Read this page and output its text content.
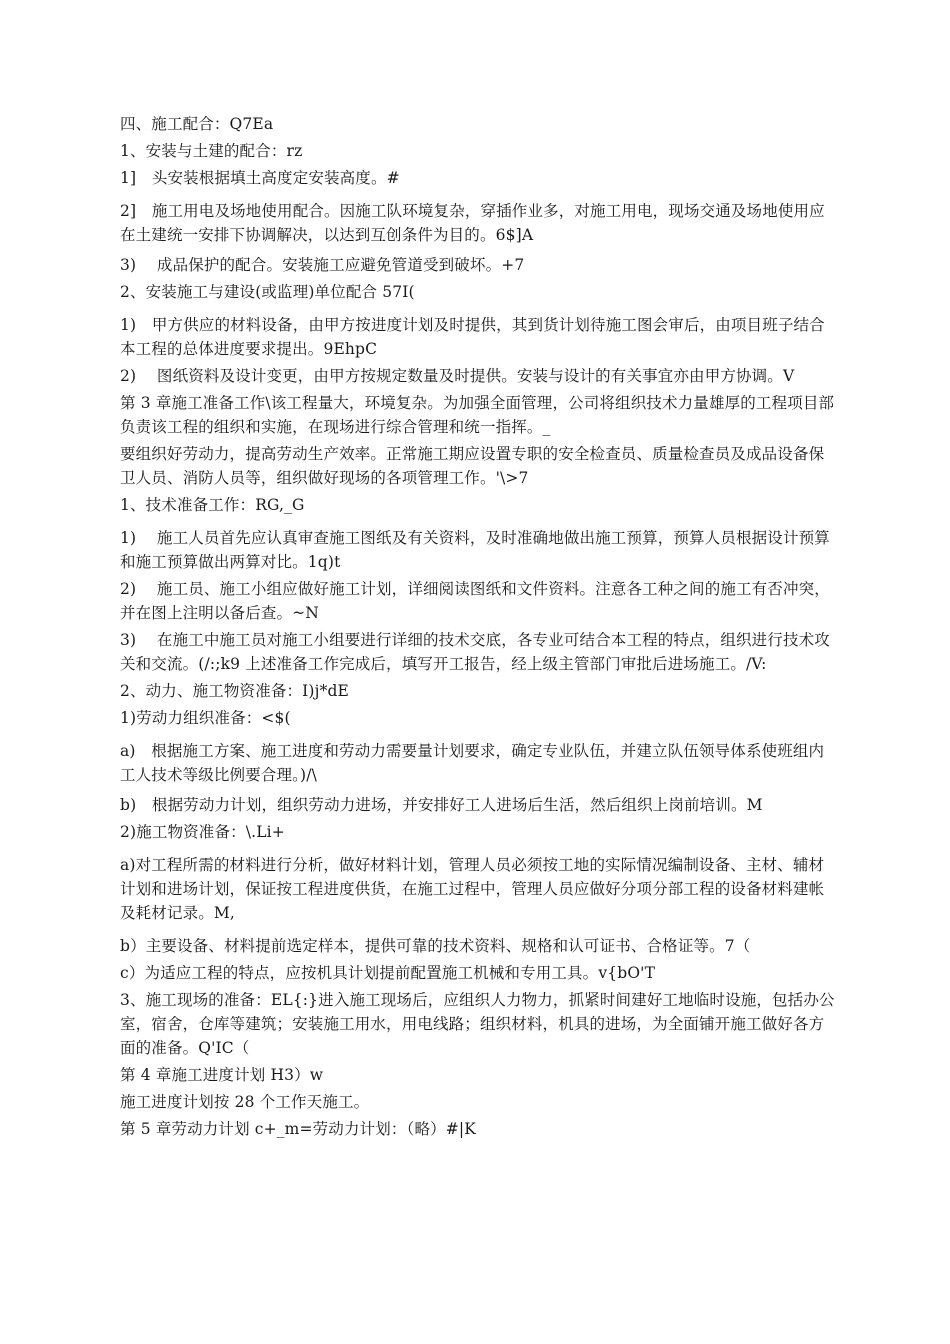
四、施工配合：Q7Ea

1、安装与土建的配合：rz

1]　头安装根据填土高度定安装高度。#

2]　施工用电及场地使用配合。因施工队环境复杂，穿插作业多，对施工用电，现场交通及场地使用应在土建统一安排下协调解决，以达到互创条件为目的。6$]A

3)　 成品保护的配合。安装施工应避免管道受到破坏。+7

2、安装施工与建设(或监理)单位配合 57I(

1)　甲方供应的材料设备，由甲方按进度计划及时提供，其到货计划待施工图会审后，由项目班子结合本工程的总体进度要求提出。9EhpC

2)　 图纸资料及设计变更，由甲方按规定数量及时提供。安装与设计的有关事宜亦由甲方协调。V

第 3 章施工准备工作\该工程量大，环境复杂。为加强全面管理，公司将组织技术力量雄厚的工程项目部负责该工程的组织和实施，在现场进行综合管理和统一指挥。_

要组织好劳动力，提高劳动生产效率。正常施工期应设置专职的安全检查员、质量检查员及成品设备保卫人员、消防人员等，组织做好现场的各项管理工作。'\>7

1、技术准备工作：RG,_G

1)　 施工人员首先应认真审查施工图纸及有关资料，及时准确地做出施工预算，预算人员根据设计预算和施工预算做出两算对比。1q)t

2)　 施工员、施工小组应做好施工计划，详细阅读图纸和文件资料。注意各工种之间的施工有否冲突，并在图上注明以备后查。~N

3)　 在施工中施工员对施工小组要进行详细的技术交底，各专业可结合本工程的特点，组织进行技术攻关和交流。(/:;k9 上述准备工作完成后，填写开工报告，经上级主管部门审批后进场施工。/V:

2、动力、施工物资准备：I)j*dE

1)劳动力组织准备：<$(

a)　根据施工方案、施工进度和劳动力需要量计划要求，确定专业队伍，并建立队伍领导体系使班组内工人技术等级比例要合理。)/\

b)　根据劳动力计划，组织劳动力进场，并安排好工人进场后生活，然后组织上岗前培训。M

2)施工物资准备：\.Li+

a)对工程所需的材料进行分析，做好材料计划，管理人员必须按工地的实际情况编制设备、主材、辅材计划和进场计划，保证按工程进度供货，在施工过程中，管理人员应做好分项分部工程的设备材料建帐及耗材记录。M,

b）主要设备、材料提前选定样本，提供可靠的技术资料、规格和认可证书、合格证等。7（

c）为适应工程的特点，应按机具计划提前配置施工机械和专用工具。v{bO'T

3、施工现场的准备：EL{:}进入施工现场后，应组织人力物力，抓紧时间建好工地临时设施，包括办公室，宿舍，仓库等建筑；安装施工用水，用电线路；组织材料，机具的进场，为全面铺开施工做好各方面的准备。Q'IC（

第 4 章施工进度计划 H3）w

施工进度计划按 28 个工作天施工。

第 5 章劳动力计划 c+_m=劳动力计划：（略）#|K
